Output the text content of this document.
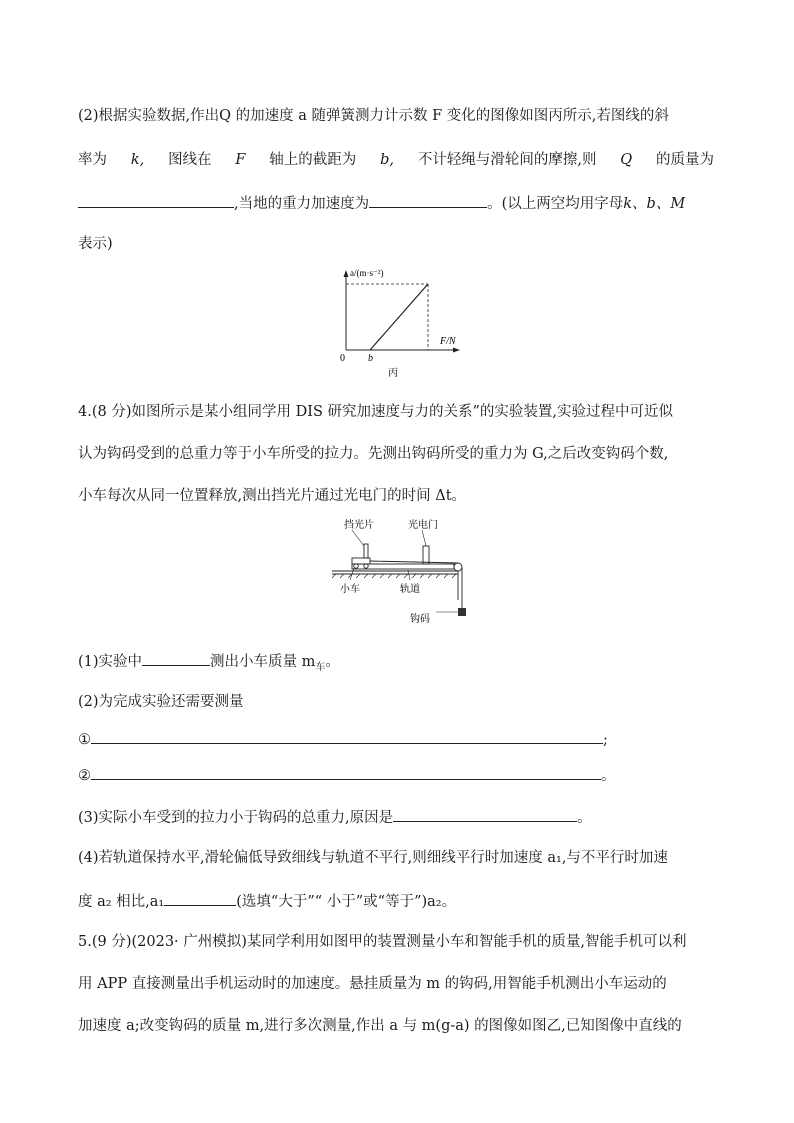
(2)根据实验数据,作出Q 的加速度 a 随弹簧测力计示数 F 变化的图像如图丙所示,若图线的斜
率为 k, 图线在 F 轴上的截距为 b, 不计轻绳与滑轮间的摩擦,则 Q 的质量为
,当地的重力加速度为	。(以上两空均用字母k、b、M
表示)
a/(m·s⁻²)
F/N
0 b
丙
4.(8 分)如图所示是某小组同学用 DIS 研究加速度与力的关系”的实验装置,实验过程中可近似
认为钩码受到的总重力等于小车所受的拉力。先测出钩码所受的重力为 G,之后改变钩码个数,
小车每次从同一位置释放,测出挡光片通过光电门的时间 Δt。
挡光片	光电门
小车	轨道
钩码
(1)实验中	测出小车质量 $m_车$。
(2)为完成实验还需要测量
①	;
②	。
(3)实际小车受到的拉力小于钩码的总重力,原因是	。
(4)若轨道保持水平,滑轮偏低导致细线与轨道不平行,则细线平行时加速度 a₁,与不平行时加速
度 a₂ 相比,a₁	(选填“大于”“ 小于”或“等于”)a₂。
5.(9 分)(2023· 广州模拟)某同学利用如图甲的装置测量小车和智能手机的质量,智能手机可以利
用 APP 直接测量出手机运动时的加速度。悬挂质量为 m 的钩码,用智能手机测出小车运动的
加速度 a;改变钩码的质量 m,进行多次测量,作出 a 与 m(g-a) 的图像如图乙,已知图像中直线的
